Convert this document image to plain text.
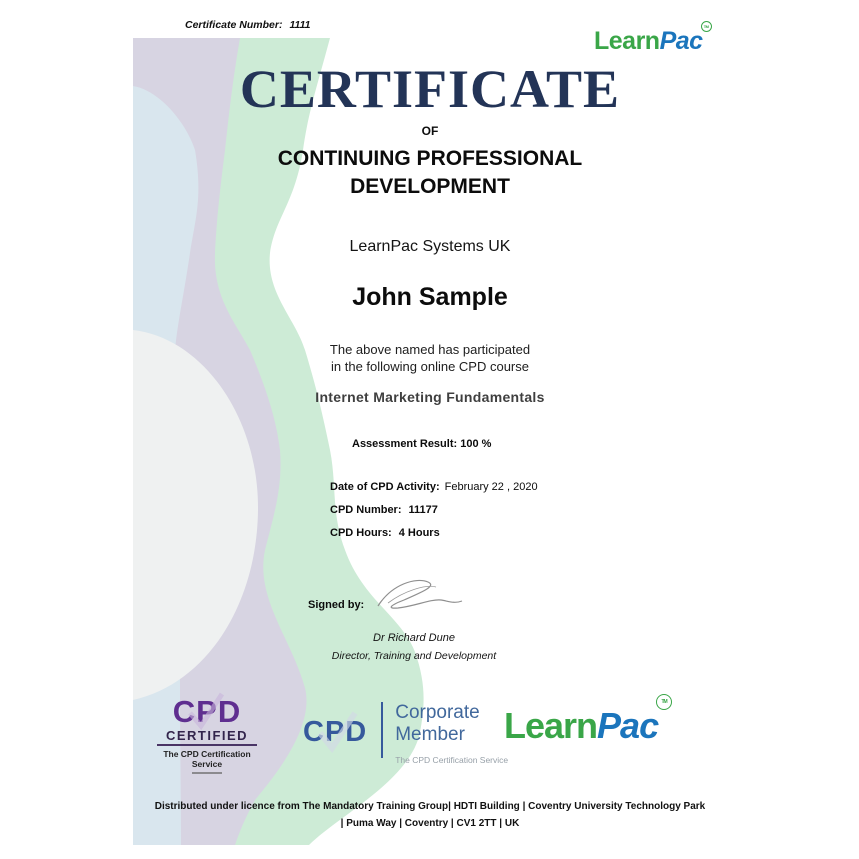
Certificate Number: 1111
LearnPac
TM
CERTIFICATE
OF
CONTINUING PROFESSIONAL
DEVELOPMENT
LearnPac Systems UK
John Sample
The above named has participated
in the following online CPD course
Internet Marketing Fundamentals
Assessment Result: 100 %
Date of CPD Activity: February 22 , 2020
CPD Number: 11177
CPD Hours: 4 Hours
Signed by:
Dr Richard Dune
Director, Training and Development
CPD
CERTIFIED
The CPD Certification
Service
CPD
Corporate
Member
The CPD Certification Service
LearnPac
TM
Distributed under licence from The Mandatory Training Group| HDTI Building | Coventry University Technology Park
| Puma Way | Coventry | CV1 2TT | UK
